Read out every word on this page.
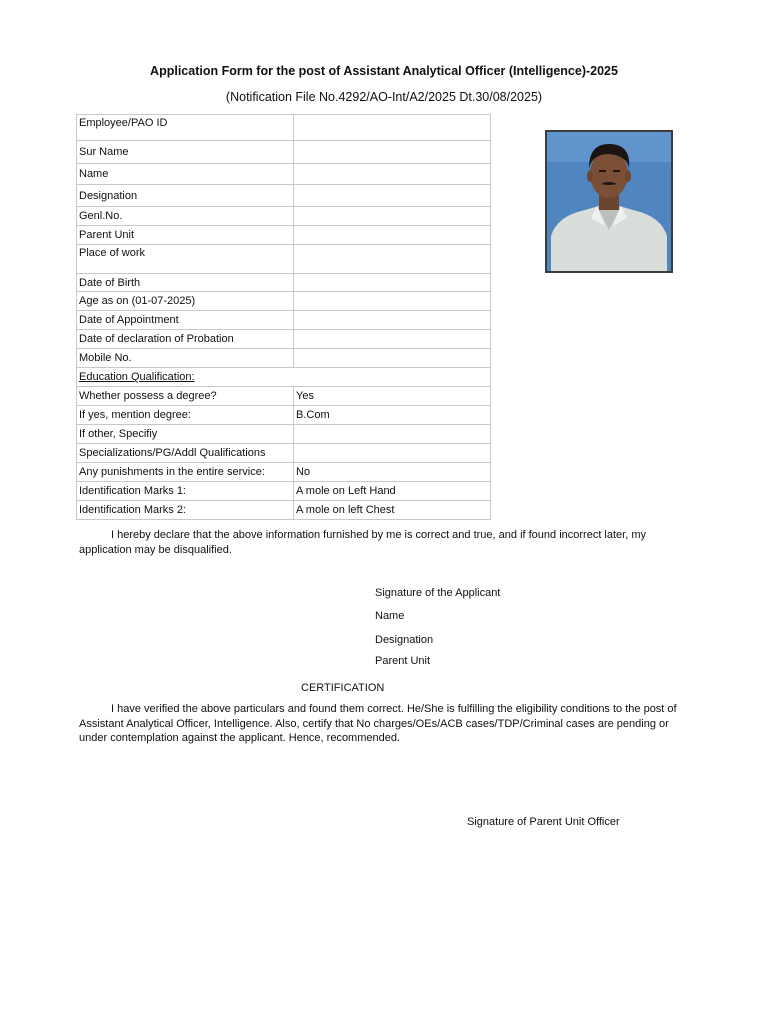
Application Form for the post of Assistant Analytical Officer (Intelligence)-2025
(Notification File No.4292/AO-Int/A2/2025 Dt.30/08/2025)
Employee/PAO ID	
Sur Name	
Name	
Designation	
Genl.No.	
Parent Unit	
Place of work	
Date of Birth	
Age as on (01-07-2025)	
Date of Appointment	
Date of declaration of Probation	
Mobile No.	
Education Qualification:	
Whether possess a degree?	Yes
If yes, mention degree:	B.Com
If other, Specifiy	
Specializations/PG/Addl Qualifications	
Any punishments in the entire service:	No
Identification Marks 1:	A mole on Left Hand
Identification Marks 2:	A mole on left Chest
I hereby declare that the above information furnished by me is correct and true, and if found incorrect later, my application may be disqualified.
Signature of the Applicant
Name
Designation
Parent Unit
CERTIFICATION
I have verified the above particulars and found them correct. He/She is fulfilling the eligibility conditions to the post of Assistant Analytical Officer, Intelligence. Also, certify that No charges/OEs/ACB cases/TDP/Criminal cases are pending or under contemplation against the applicant. Hence, recommended.
Signature of Parent Unit Officer
